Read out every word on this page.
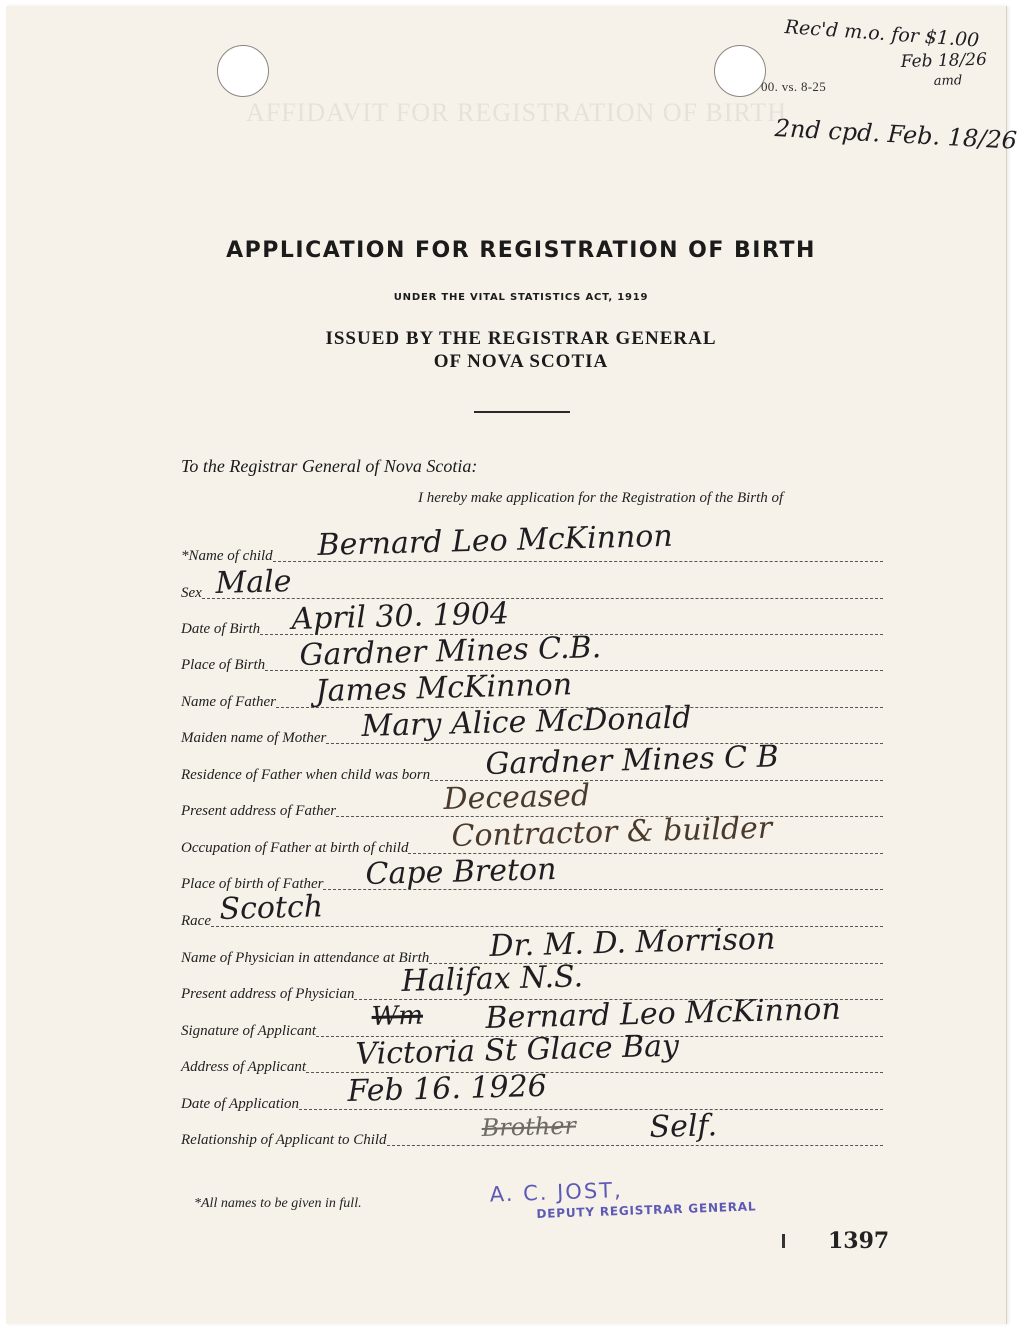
AFFIDAVIT FOR REGISTRATION OF BIRTH
00. vs. 8-25
Rec'd m.o. for $1.00
Feb 18/26
amd
2nd cpd. Feb. 18/26
APPLICATION FOR REGISTRATION OF BIRTH
UNDER THE VITAL STATISTICS ACT, 1919
ISSUED BY THE REGISTRAR GENERAL
OF NOVA SCOTIA
To the Registrar General of Nova Scotia:
I hereby make application for the Registration of the Birth of
*Name of child Bernard Leo McKinnon
Sex Male
Date of Birth April 30. 1904
Place of Birth Gardner Mines C.B.
Name of Father James McKinnon
Maiden name of Mother Mary Alice McDonald
Residence of Father when child was born Gardner Mines C B
Present address of Father	Deceased
Occupation of Father at birth of child Contractor & builder
Place of birth of Father Cape Breton
Race Scotch
Name of Physician in attendance at Birth Dr. M. D. Morrison
Present address of Physician Halifax N.S.
Signature of Applicant Wm Bernard Leo McKinnon
Address of Applicant Victoria St Glace Bay
Date of Application Feb 16. 1926
Relationship of Applicant to Child	Brother Self.
*All names to be given in full.	A. C. JOST,
DEPUTY REGISTRAR GENERAL
1397
